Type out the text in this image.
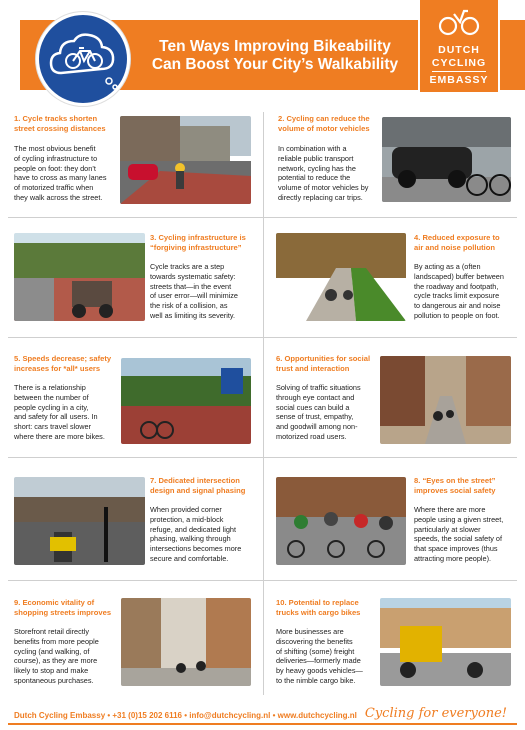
Ten Ways Improving Bikeability
Can Boost Your City’s Walkability
DUTCH
CYCLING
EMBASSY
1. Cycle tracks shorten
street crossing distances
The most obvious benefit
of cycling infrastructure to
people on foot: they don’t
have to cross as many lanes
of motorized traffic when
they walk across the street.
2. Cycling can reduce the
volume of motor vehicles
In combination with a
reliable public transport
network, cycling has the
potential to reduce the
volume of motor vehicles by
directly replacing car trips.
3. Cycling infrastructure is
“forgiving infrastructure”
Cycle tracks are a step
towards systematic safety:
streets that—in the event
of user error—will minimize
the risk of a collision, as
well as limiting its severity.
4. Reduced exposure to
air and noise pollution
By acting as a (often
landscaped) buffer between
the roadway and footpath,
cycle tracks limit exposure
to dangerous air and noise
pollution to people on foot.
5. Speeds decrease; safety
increases for *all* users
There is a relationship
between the number of
people cycling in a city,
and safety for all users. In
short: cars travel slower
where there are more bikes.
6. Opportunities for social
trust and interaction
Solving of traffic situations
through eye contact and
social cues can build a
sense of trust, empathy,
and goodwill among non-
motorized road users.
7. Dedicated intersection
design and signal phasing
When provided corner
protection, a mid-block
refuge, and dedicated light
phasing, walking through
intersections becomes more
secure and comfortable.
8. “Eyes on the street”
improves social safety
Where there are more
people using a given street,
particularly at slower
speeds, the social safety of
that space improves (thus
attracting more people).
9. Economic vitality of
shopping streets improves
Storefront retail directly
benefits from more people
cycling (and walking, of
course), as they are more
likely to stop and make
spontaneous purchases.
10. Potential to replace
trucks with cargo bikes
More businesses are
discovering the benefits
of shifting (some) freight
deliveries—formerly made
by heavy goods vehicles—
to the nimble cargo bike.
Dutch Cycling Embassy • +31 (0)15 202 6116 • info@dutchcycling.nl • www.dutchcycling.nl Cycling for everyone!
